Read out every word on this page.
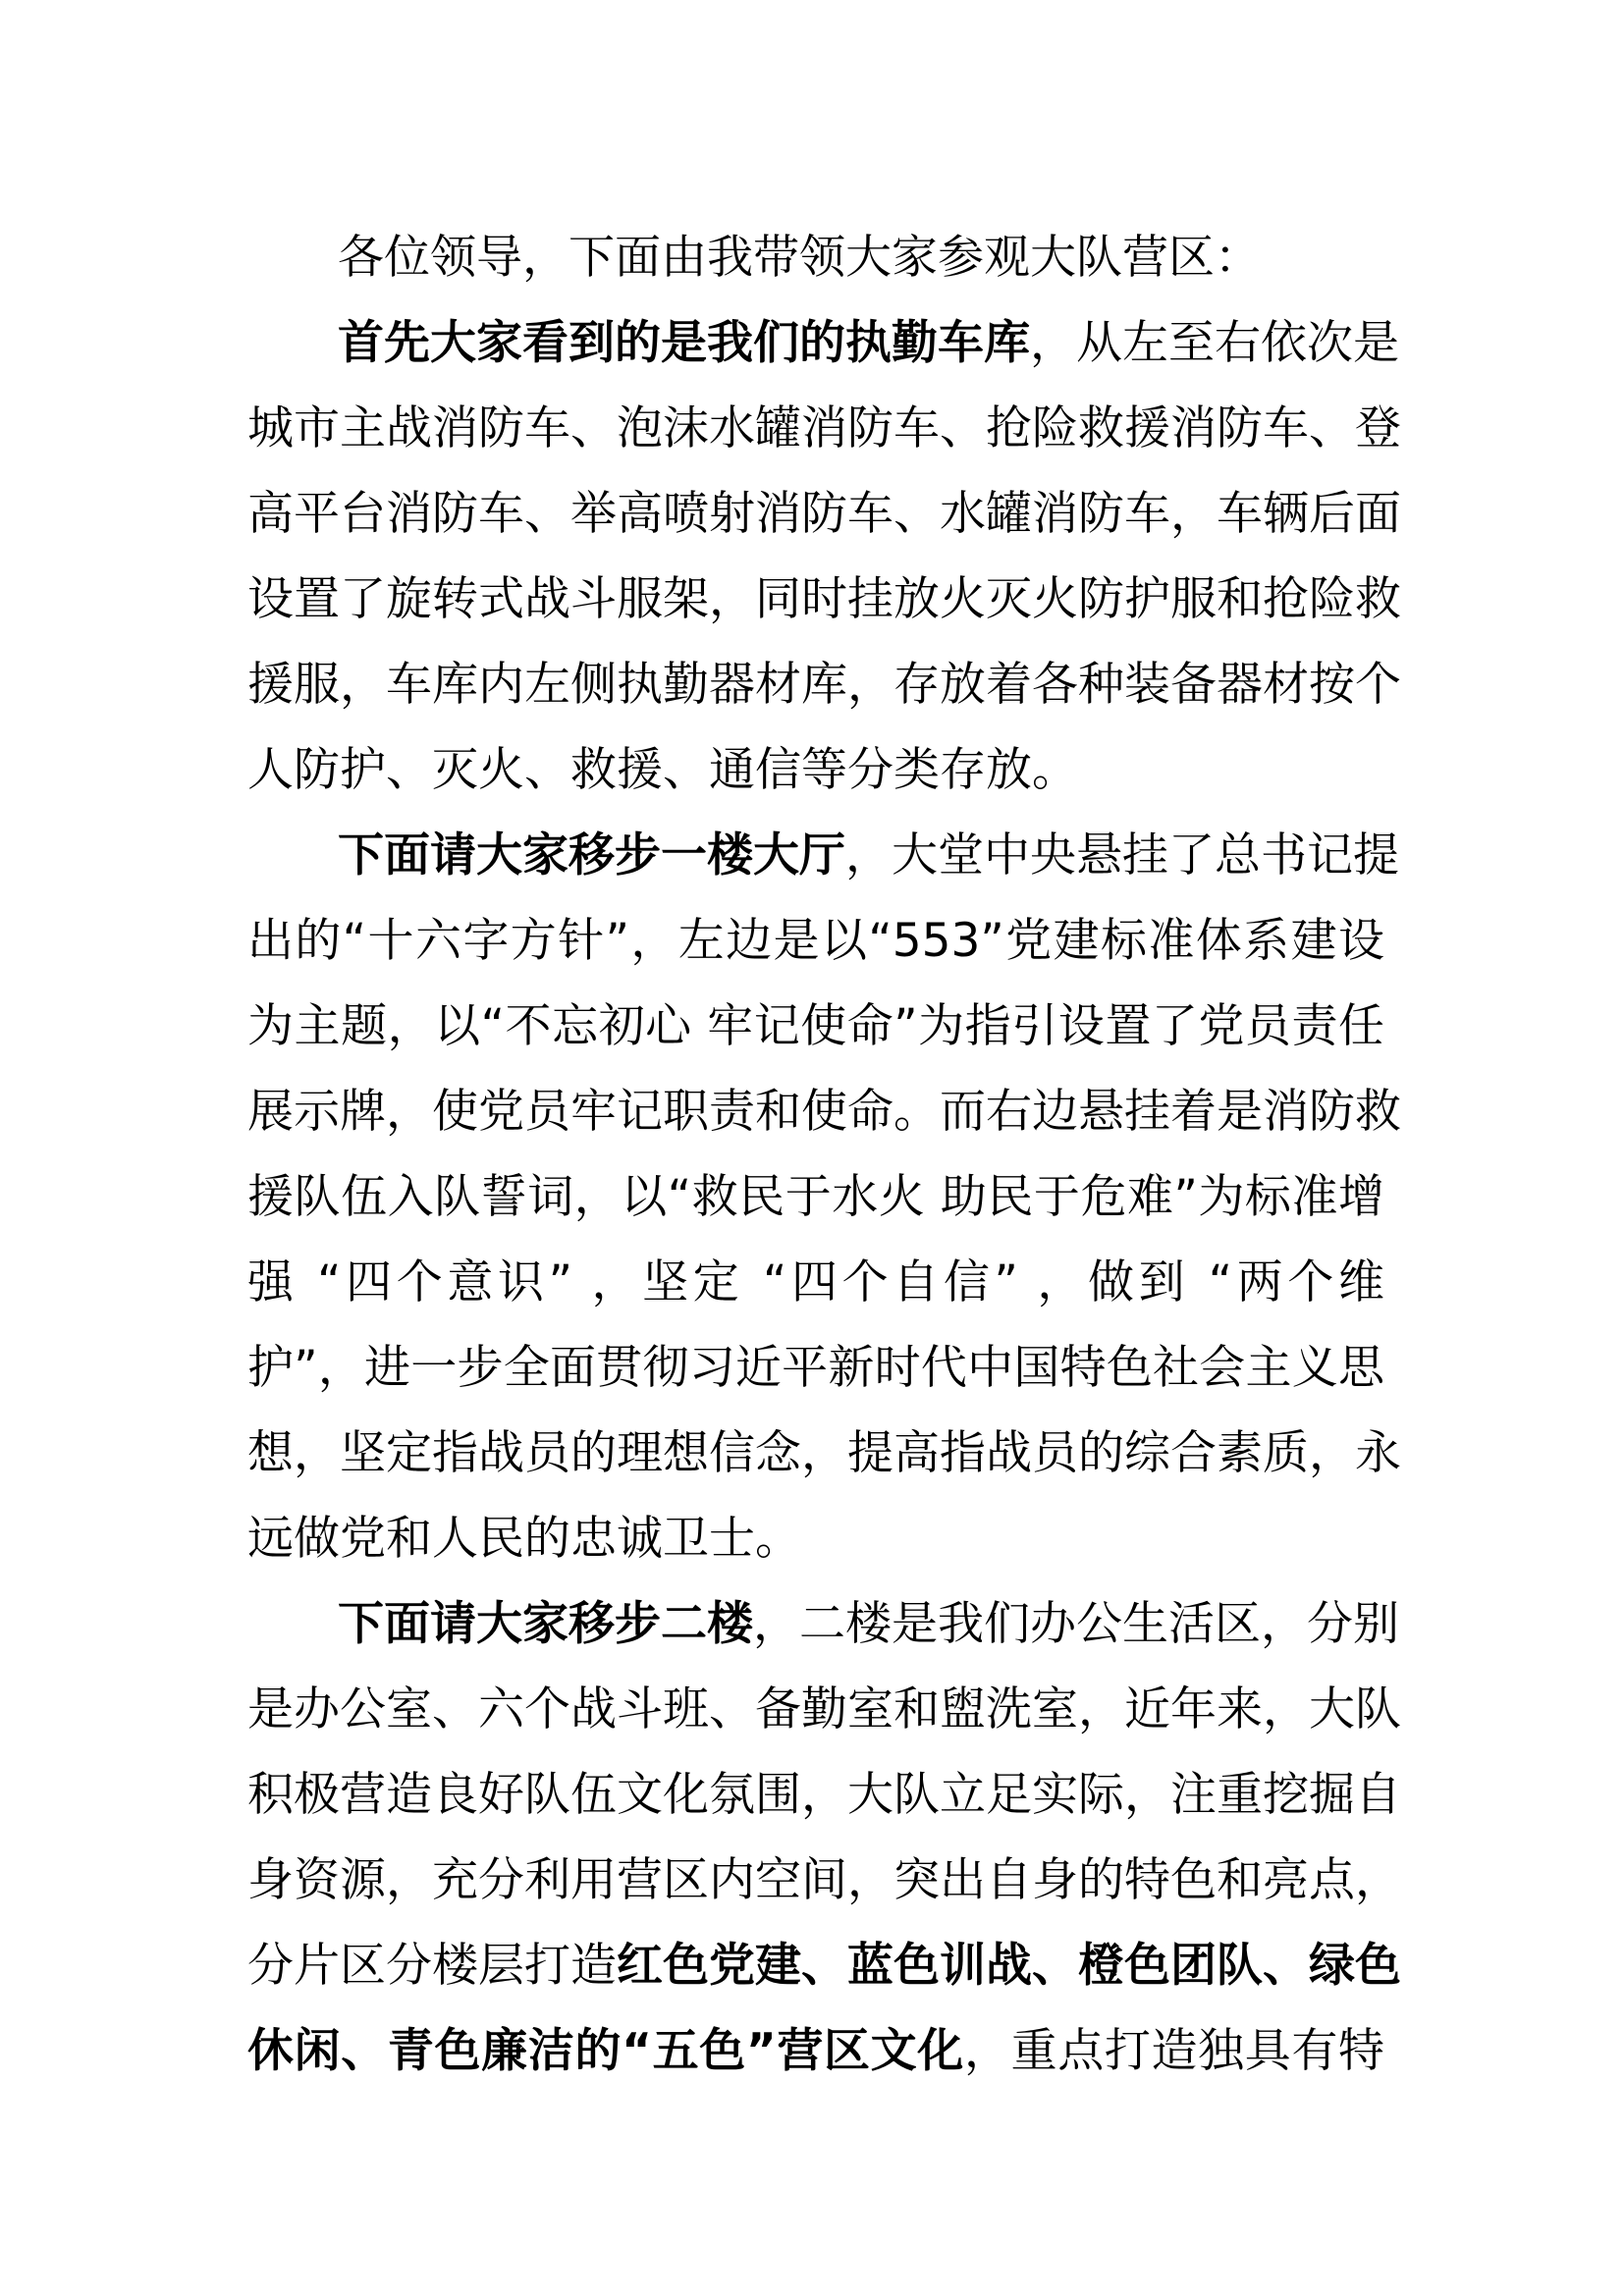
各位领导，下面由我带领大家参观大队营区：
首先大家看到的是我们的执勤车库，从左至右依次是
城市主战消防车、泡沫水罐消防车、抢险救援消防车、登
高平台消防车、举高喷射消防车、水罐消防车，车辆后面
设置了旋转式战斗服架，同时挂放火灭火防护服和抢险救
援服，车库内左侧执勤器材库，存放着各种装备器材按个
人防护、灭火、救援、通信等分类存放。
下面请大家移步一楼大厅，大堂中央悬挂了总书记提
出的“十六字方针”，左边是以“553”党建标准体系建设
为主题，以“不忘初心 牢记使命”为指引设置了党员责任
展示牌，使党员牢记职责和使命。而右边悬挂着是消防救
援队伍入队誓词，以“救民于水火 助民于危难”为标准增
强 “四个意识” ，坚定 “四个自信” ，做到 “两个维
护”，进一步全面贯彻习近平新时代中国特色社会主义思
想，坚定指战员的理想信念，提高指战员的综合素质，永
远做党和人民的忠诚卫士。
下面请大家移步二楼，二楼是我们办公生活区，分别
是办公室、六个战斗班、备勤室和盥洗室，近年来，大队
积极营造良好队伍文化氛围，大队立足实际，注重挖掘自
身资源，充分利用营区内空间，突出自身的特色和亮点，
分片区分楼层打造红色党建、蓝色训战、橙色团队、绿色
休闲、青色廉洁的“五色”营区文化，重点打造独具有特
